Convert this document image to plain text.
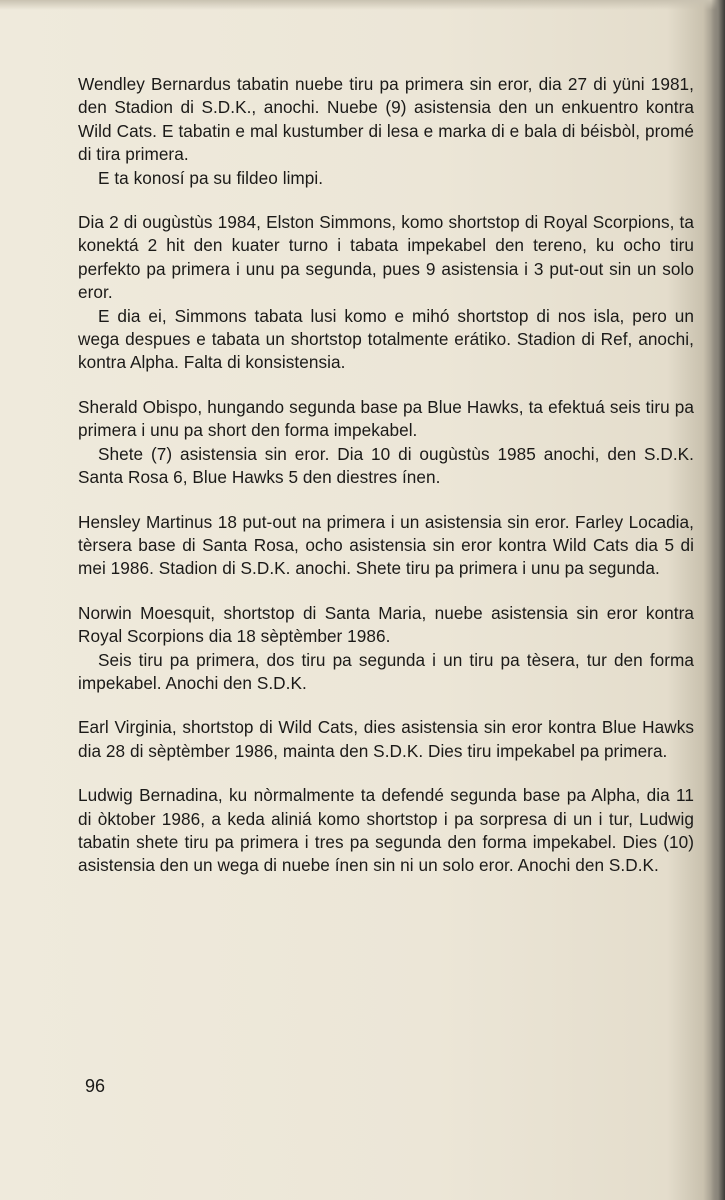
Wendley Bernardus tabatin nuebe tiru pa primera sin eror, dia 27 di yüni 1981, den Stadion di S.D.K., anochi. Nuebe (9) asistensia den un enkuentro kontra Wild Cats. E tabatin e mal kustumber di lesa e marka di e bala di béisbòl, promé di tira primera.

E ta konosí pa su fildeo limpi.

Dia 2 di ougùstùs 1984, Elston Simmons, komo shortstop di Royal Scorpions, ta konektá 2 hit den kuater turno i tabata impekabel den tereno, ku ocho tiru perfekto pa primera i unu pa segunda, pues 9 asistensia i 3 put-out sin un solo eror.

E dia ei, Simmons tabata lusi komo e mihó shortstop di nos isla, pero un wega despues e tabata un shortstop totalmente erátiko. Stadion di Ref, anochi, kontra Alpha. Falta di konsistensia.

Sherald Obispo, hungando segunda base pa Blue Hawks, ta efektuá seis tiru pa primera i unu pa short den forma impekabel.

Shete (7) asistensia sin eror. Dia 10 di ougùstùs 1985 anochi, den S.D.K. Santa Rosa 6, Blue Hawks 5 den diestres ínen.

Hensley Martinus 18 put-out na primera i un asistensia sin eror. Farley Locadia, tèrsera base di Santa Rosa, ocho asistensia sin eror kontra Wild Cats dia 5 di mei 1986. Stadion di S.D.K. anochi. Shete tiru pa primera i unu pa segunda.

Norwin Moesquit, shortstop di Santa Maria, nuebe asistensia sin eror kontra Royal Scorpions dia 18 sèptèmber 1986.

Seis tiru pa primera, dos tiru pa segunda i un tiru pa tèsera, tur den forma impekabel. Anochi den S.D.K.

Earl Virginia, shortstop di Wild Cats, dies asistensia sin eror kontra Blue Hawks dia 28 di sèptèmber 1986, mainta den S.D.K. Dies tiru impekabel pa primera.

Ludwig Bernadina, ku nòrmalmente ta defendé segunda base pa Alpha, dia 11 di òktober 1986, a keda aliniá komo shortstop i pa sorpresa di un i tur, Ludwig tabatin shete tiru pa primera i tres pa segunda den forma impekabel. Dies (10) asistensia den un wega di nuebe ínen sin ni un solo eror. Anochi den S.D.K.

96
